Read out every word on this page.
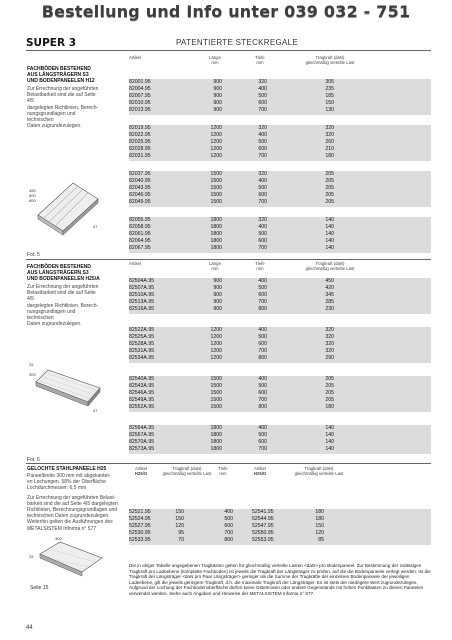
Bestellung und Info unter 039 032 - 751
SUPER 3	PATENTIERTE STECKREGALE
Artikel	Länge
mm
Tiefe
mm
Tragkraft (daN)
gleichmäßig verteilte Last
FACHBÖDEN BESTEHEND
AUS LÄNGSTRÄGERN S3
UND BODENPANEELEN H12
Zur Errechnung der angeführten
Belastbarkeit sind die auf Seite 4/5
dargelegten Richtlinien, Berech-
nungsgrundlagen und technischen
Daten zugrundezulegen.
450
600
800
47
Fot. 5
82001.95	900	320	305
82004.95	900	400	235
82007.95	900	500	185
82010.95	900	600	150
82013.95	900	700	130
82019.95	1200	320	320
82022.95	1200	400	320
82025.95	1200	500	260
82028.95	1200	600	210
82031.95	1200	700	180
82037.95	1500	320	205
82040.95	1500	400	205
82043.95	1500	500	205
82046.95	1500	600	205
82049.95	1500	700	205
82055.95	1800	320	140
82058.95	1800	400	140
82061.95	1800	500	140
82064.95	1800	600	140
82067.95	1800	700	140
Artikel	Länge
mm
Tiefe
mm
Tragkraft (daN)
gleichmäßig verteilte Last
FACHBÖDEN BESTEHEND
AUS LÄNGSTRÄGERN S3
UND BODENPANEELEN H25/A
Zur Errechnung der angeführten
Belastbarkeit sind die auf Seite 4/5
dargelegten Richtlinien, Berech-
nungsgrundlagen und technischen
Daten zugrundezulegen.
25
300
47
Fot. 6
82504A.95	900	400	450
82507A.95	900	500	420
82510A.95	900	600	345
82513A.95	900	700	285
82516A.95	900	800	230
82522A.95	1200	400	320
82525A.95	1200	500	320
82528A.95	1200	600	320
82531A.95	1200	700	320
82534A.95	1200	800	290
82540A.95	1500	400	205
82543A.95	1500	500	205
82546A.95	1500	600	205
82549A.95	1500	700	205
82552A.95	1500	800	180
82564A.95	1800	400	140
82567A.95	1800	500	140
82570A.95	1800	600	140
82573A.95	1800	700	140
GELOCHTE STAHLPANEELE H25
Paneelbreite 300 mm mit abgekantet-
en Lochungen. 58% der Oberfläche
Lochdurchmesser: 6,5 mm
Zur Errechnung der angeführten Belast-
barkeit sind die auf Seite 4/5 dargelegten
Richtlinien, Berechnungsgrundlagen und
technischen Daten zugrundezulegen.
Weiterhin gelten die Ausführungen des
METALSISTEM Informa n° 577
300
25
Seite 15
Artikel
H25/G
Tragkraft (daN)
gleichmäßig verteilte Last
Tiefe
mm
Artikel
H25/D
Tragkraft (daN)
gleichmäßig verteilte Last
52521.95	150	400	52541.95	180
52524.95	150	500	52544.95	180
52527.95	120	600	52547.95	150
52530.95	95	700	52550.95	120
52533.95	70	800	52553.95	85
Die in obiger Tabelle angegebenen Tragkästen gelten für gleichmäßig verteilte Lasten <daN> pro Bodenpaneel. Zur Bestimmung der zulässigen Tragkraft pro Ladeebene (komplette Fachboden) ist jeweils die Tragkraft der Längsträger zu prüfen, auf die die Bodenpaneele verlegt werden. Ist die Tragkraft der Längsträger <daN pro Paar Längsträger> geringer als die Summe der Tragkräfte der einzelnen Bodenpaneele der jeweiligen Ladeebene, gilt die jeweils geringere Tragkraft, d.h. die maximale Tragkraft der Längsträger. Es ist stets der niedrigere Wert zugrundezulegen. Aufgrund der Lochung der Fachbodenoberfläche dürfen keine Gittertrosen oder andere Gegenstände mit hohen Punktlasten zu diesen Paneelen verwendet werden. Siehe auch Angaben und Hinweise der METALSISTEM Informa n° 577.
44
